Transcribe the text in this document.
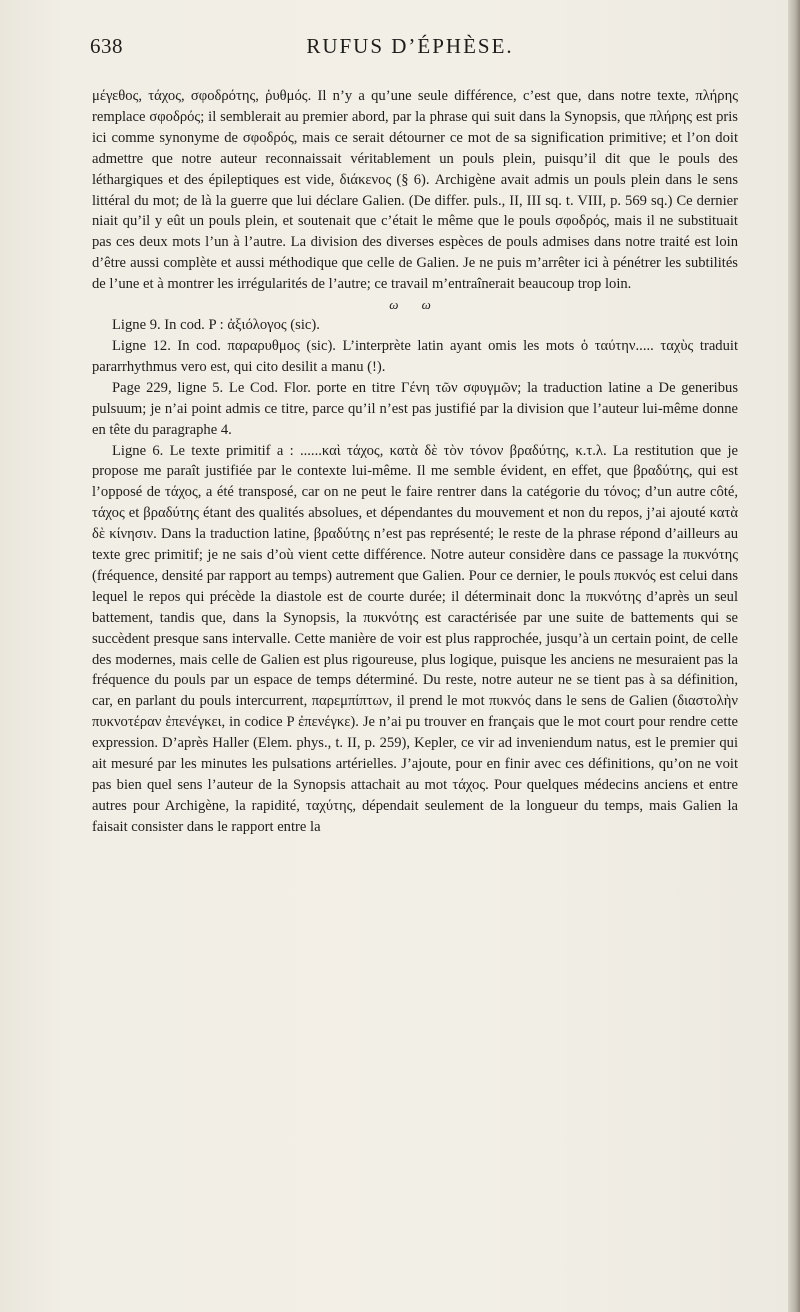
638	RUFUS D’ÉPHÈSE.

μέγεθος, τάχος, σφοδρότης, ῥυθμός. Il n’y a qu’une seule différence, c’est que, dans notre texte, πλήρης remplace σφοδρός; il semblerait au premier abord, par la phrase qui suit dans la Synopsis, que πλήρης est pris ici comme synonyme de σφοδρός, mais ce serait détourner ce mot de sa signification primitive; et l’on doit admettre que notre auteur reconnaissait véritablement un pouls plein, puisqu’il dit que le pouls des léthargiques et des épileptiques est vide, διάκενος (§ 6). Archigène avait admis un pouls plein dans le sens littéral du mot; de là la guerre que lui déclare Galien. (De differ. puls., II, III sq. t. VIII, p. 569 sq.) Ce dernier niait qu’il y eût un pouls plein, et soutenait que c’était le même que le pouls σφοδρός, mais il ne substituait pas ces deux mots l’un à l’autre. La division des diverses espèces de pouls admises dans notre traité est loin d’être aussi complète et aussi méthodique que celle de Galien. Je ne puis m’arrêter ici à pénétrer les subtilités de l’une et à montrer les irrégularités de l’autre; ce travail m’entraînerait beaucoup trop loin.

ω ω

Ligne 9. In cod. P : ἀξιόλογος (sic).

Ligne 12. In cod. παραρυθμος (sic). L’interprète latin ayant omis les mots ὁ ταύτην..... ταχὺς traduit pararrhythmus vero est, qui cito desilit a manu (!).

Page 229, ligne 5. Le Cod. Flor. porte en titre Γένη τῶν σφυγμῶν; la traduction latine a De generibus pulsuum; je n’ai point admis ce titre, parce qu’il n’est pas justifié par la division que l’auteur lui-même donne en tête du paragraphe 4.

Ligne 6. Le texte primitif a : ......καὶ τάχος, κατὰ δὲ τὸν τόνον βραδύτης, κ.τ.λ. La restitution que je propose me paraît justifiée par le contexte lui-même. Il me semble évident, en effet, que βραδύτης, qui est l’opposé de τάχος, a été transposé, car on ne peut le faire rentrer dans la catégorie du τόνος; d’un autre côté, τάχος et βραδύτης étant des qualités absolues, et dépendantes du mouvement et non du repos, j’ai ajouté κατὰ δὲ κίνησιν. Dans la traduction latine, βραδύτης n’est pas représenté; le reste de la phrase répond d’ailleurs au texte grec primitif; je ne sais d’où vient cette différence. Notre auteur considère dans ce passage la πυκνότης (fréquence, densité par rapport au temps) autrement que Galien. Pour ce dernier, le pouls πυκνός est celui dans lequel le repos qui précède la diastole est de courte durée; il déterminait donc la πυκνότης d’après un seul battement, tandis que, dans la Synopsis, la πυκνότης est caractérisée par une suite de battements qui se succèdent presque sans intervalle. Cette manière de voir est plus rapprochée, jusqu’à un certain point, de celle des modernes, mais celle de Galien est plus rigoureuse, plus logique, puisque les anciens ne mesuraient pas la fréquence du pouls par un espace de temps déterminé. Du reste, notre auteur ne se tient pas à sa définition, car, en parlant du pouls intercurrent, παρεμπίπτων, il prend le mot πυκνός dans le sens de Galien (διαστολὴν πυκνοτέραν ἐπενέγκει, in codice P ἐπενέγκε). Je n’ai pu trouver en français que le mot court pour rendre cette expression. D’après Haller (Elem. phys., t. II, p. 259), Kepler, ce vir ad inveniendum natus, est le premier qui ait mesuré par les minutes les pulsations artérielles. J’ajoute, pour en finir avec ces définitions, qu’on ne voit pas bien quel sens l’auteur de la Synopsis attachait au mot τάχος. Pour quelques médecins anciens et entre autres pour Archigène, la rapidité, ταχύτης, dépendait seulement de la longueur du temps, mais Galien la faisait consister dans le rapport entre la
